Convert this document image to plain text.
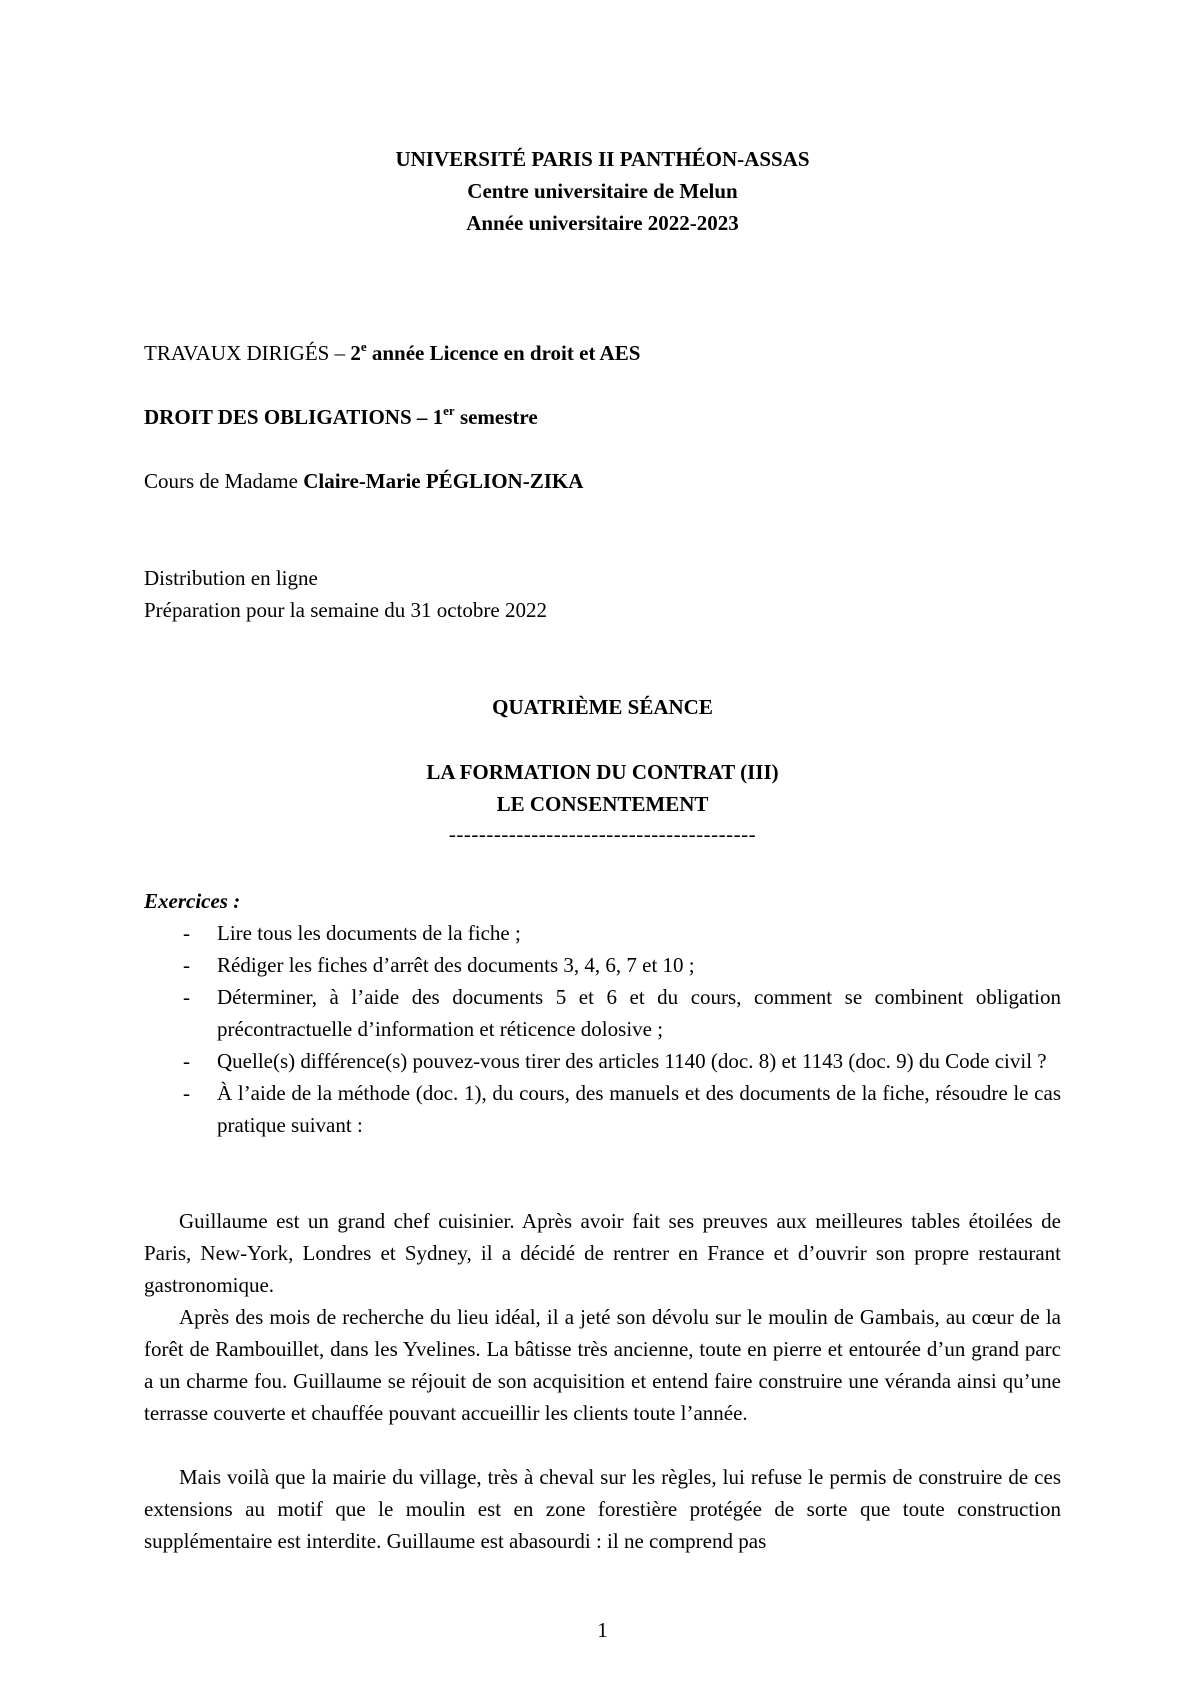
UNIVERSITÉ PARIS II PANTHÉON-ASSAS
Centre universitaire de Melun
Année universitaire 2022-2023
TRAVAUX DIRIGÉS – 2e année Licence en droit et AES
DROIT DES OBLIGATIONS – 1er semestre
Cours de Madame Claire-Marie PÉGLION-ZIKA
Distribution en ligne
Préparation pour la semaine du 31 octobre 2022
QUATRIÈME SÉANCE
LA FORMATION DU CONTRAT (III)
LE CONSENTEMENT
-----------------------------------------
Exercices :
- Lire tous les documents de la fiche ;
- Rédiger les fiches d’arrêt des documents 3, 4, 6, 7 et 10 ;
- Déterminer, à l’aide des documents 5 et 6 et du cours, comment se combinent obligation précontractuelle d’information et réticence dolosive ;
- Quelle(s) différence(s) pouvez-vous tirer des articles 1140 (doc. 8) et 1143 (doc. 9) du Code civil ?
- À l’aide de la méthode (doc. 1), du cours, des manuels et des documents de la fiche, résoudre le cas pratique suivant :

Guillaume est un grand chef cuisinier. Après avoir fait ses preuves aux meilleures tables étoilées de Paris, New-York, Londres et Sydney, il a décidé de rentrer en France et d’ouvrir son propre restaurant gastronomique.

Après des mois de recherche du lieu idéal, il a jeté son dévolu sur le moulin de Gambais, au cœur de la forêt de Rambouillet, dans les Yvelines. La bâtisse très ancienne, toute en pierre et entourée d’un grand parc a un charme fou. Guillaume se réjouit de son acquisition et entend faire construire une véranda ainsi qu’une terrasse couverte et chauffée pouvant accueillir les clients toute l’année.

Mais voilà que la mairie du village, très à cheval sur les règles, lui refuse le permis de construire de ces extensions au motif que le moulin est en zone forestière protégée de sorte que toute construction supplémentaire est interdite. Guillaume est abasourdi : il ne comprend pas

1
